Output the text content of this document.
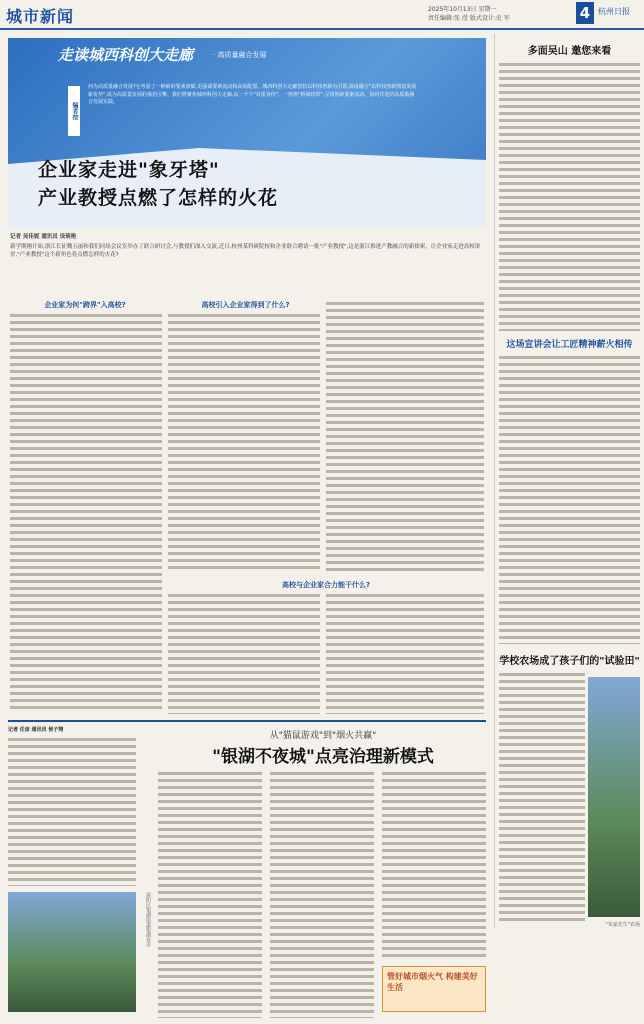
城市新闻	2025年10月13日 星期一
责任编辑:张 滢 版式设计:史 军	4 杭州日报
走读城西科创大走廊	· 高质量融合发展
编者按
何为高质量融合发展?它考验了一种新的要素禀赋,更强调要素流动和高效配置。城西科创大走廊坚持以科技创新为引领,深度融合"以科技创新塑造发展新优势",成为高质量发展的强劲引擎。我们将聚焦城西科创大走廊,从一个个"双重身份"、一座座"桥梁纽带",寻找创新要素流动、协同共进的高质量融合发展实践。
企业家走进"象牙塔"
产业教授点燃了怎样的火花
记者 吴佳妮 通讯员 设琰艳
新学期刚开始,浙江长征魏五丽和我们同场会议室举办了联合研讨会,与教授们深入交流,近日,杭州某科研院校和企业联合聘请一批"产业教授",这是浙江推进产教融合的新探索。让企业家走进高校讲堂,"产业教授"这个新角色将点燃怎样的火花?
企业家为何"跨界"入高校?	高校引入企业家得到了什么?
高校与企业家合力能干什么?
多面吴山 邀您来看
这场宣讲会让工匠精神薪火相传
学校农场成了孩子们的"试验田"
"朱家先生"农场
记者 任彦 通讯员 侯子翔
富阳区银湖街道银湖夜市
从"猫鼠游戏"到"烟火共赢"
"银湖不夜城"点亮治理新模式
管好城市烟火气 构建美好生活
